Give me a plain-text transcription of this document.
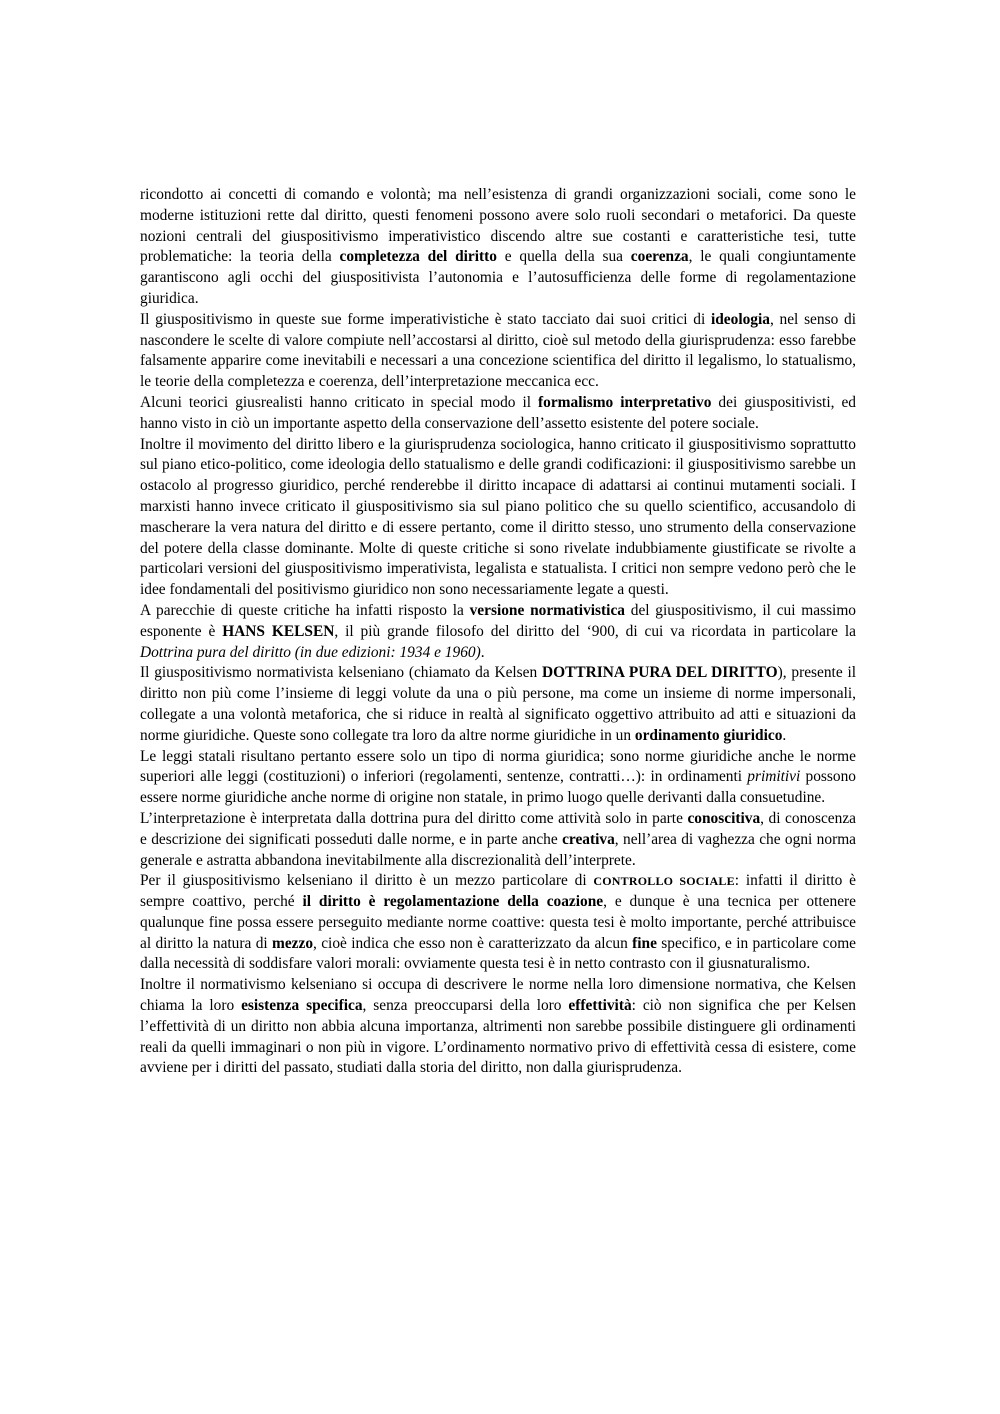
ricondotto ai concetti di comando e volontà; ma nell’esistenza di grandi organizzazioni sociali, come sono le moderne istituzioni rette dal diritto, questi fenomeni possono avere solo ruoli secondari o metaforici. Da queste nozioni centrali del giuspositivismo imperativistico discendo altre sue costanti e caratteristiche tesi, tutte problematiche: la teoria della completezza del diritto e quella della sua coerenza, le quali congiuntamente garantiscono agli occhi del giuspositivista l’autonomia e l’autosufficienza delle forme di regolamentazione giuridica.

Il giuspositivismo in queste sue forme imperativistiche è stato tacciato dai suoi critici di ideologia, nel senso di nascondere le scelte di valore compiute nell’accostarsi al diritto, cioè sul metodo della giurisprudenza: esso farebbe falsamente apparire come inevitabili e necessari a una concezione scientifica del diritto il legalismo, lo statualismo, le teorie della completezza e coerenza, dell’interpretazione meccanica ecc.

Alcuni teorici giusrealisti hanno criticato in special modo il formalismo interpretativo dei giuspositivisti, ed hanno visto in ciò un importante aspetto della conservazione dell’assetto esistente del potere sociale.

Inoltre il movimento del diritto libero e la giurisprudenza sociologica, hanno criticato il giuspositivismo soprattutto sul piano etico-politico, come ideologia dello statualismo e delle grandi codificazioni: il giuspositivismo sarebbe un ostacolo al progresso giuridico, perché renderebbe il diritto incapace di adattarsi ai continui mutamenti sociali. I marxisti hanno invece criticato il giuspositivismo sia sul piano politico che su quello scientifico, accusandolo di mascherare la vera natura del diritto e di essere pertanto, come il diritto stesso, uno strumento della conservazione del potere della classe dominante. Molte di queste critiche si sono rivelate indubbiamente giustificate se rivolte a particolari versioni del giuspositivismo imperativista, legalista e statualista. I critici non sempre vedono però che le idee fondamentali del positivismo giuridico non sono necessariamente legate a questi.

A parecchie di queste critiche ha infatti risposto la versione normativistica del giuspositivismo, il cui massimo esponente è HANS KELSEN, il più grande filosofo del diritto del ‘900, di cui va ricordata in particolare la Dottrina pura del diritto (in due edizioni: 1934 e 1960).

Il giuspositivismo normativista kelseniano (chiamato da Kelsen DOTTRINA PURA DEL DIRITTO), presente il diritto non più come l’insieme di leggi volute da una o più persone, ma come un insieme di norme impersonali, collegate a una volontà metaforica, che si riduce in realtà al significato oggettivo attribuito ad atti e situazioni da norme giuridiche. Queste sono collegate tra loro da altre norme giuridiche in un ordinamento giuridico.

Le leggi statali risultano pertanto essere solo un tipo di norma giuridica; sono norme giuridiche anche le norme superiori alle leggi (costituzioni) o inferiori (regolamenti, sentenze, contratti…): in ordinamenti primitivi possono essere norme giuridiche anche norme di origine non statale, in primo luogo quelle derivanti dalla consuetudine.

L’interpretazione è interpretata dalla dottrina pura del diritto come attività solo in parte conoscitiva, di conoscenza e descrizione dei significati posseduti dalle norme, e in parte anche creativa, nell’area di vaghezza che ogni norma generale e astratta abbandona inevitabilmente alla discrezionalità dell’interprete.

Per il giuspositivismo kelseniano il diritto è un mezzo particolare di CONTROLLO SOCIALE: infatti il diritto è sempre coattivo, perché il diritto è regolamentazione della coazione, e dunque è una tecnica per ottenere qualunque fine possa essere perseguito mediante norme coattive: questa tesi è molto importante, perché attribuisce al diritto la natura di mezzo, cioè indica che esso non è caratterizzato da alcun fine specifico, e in particolare come dalla necessità di soddisfare valori morali: ovviamente questa tesi è in netto contrasto con il giusnaturalismo.

Inoltre il normativismo kelseniano si occupa di descrivere le norme nella loro dimensione normativa, che Kelsen chiama la loro esistenza specifica, senza preoccuparsi della loro effettività: ciò non significa che per Kelsen l’effettività di un diritto non abbia alcuna importanza, altrimenti non sarebbe possibile distinguere gli ordinamenti reali da quelli immaginari o non più in vigore. L’ordinamento normativo privo di effettività cessa di esistere, come avviene per i diritti del passato, studiati dalla storia del diritto, non dalla giurisprudenza.
